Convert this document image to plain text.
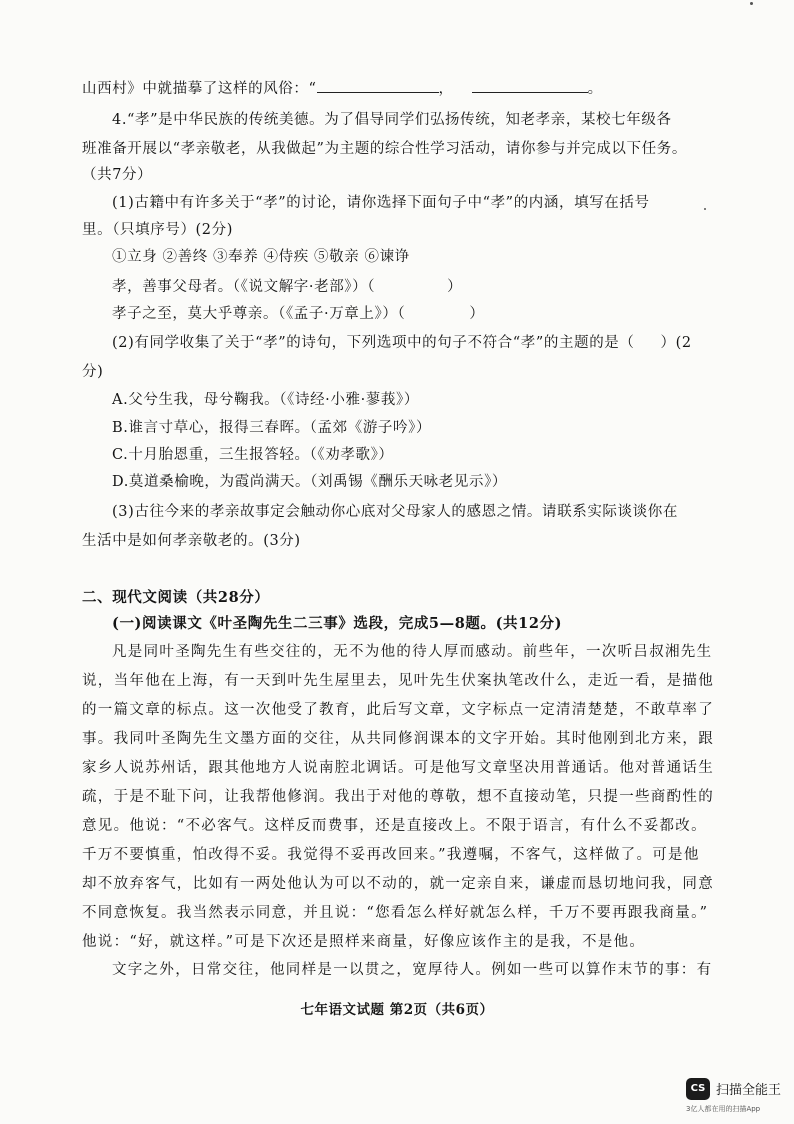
山西村》中就描摹了这样的风俗：“	，	。
4.“孝”是中华民族的传统美德。为了倡导同学们弘扬传统，知老孝亲，某校七年级各
班准备开展以“孝亲敬老，从我做起”为主题的综合性学习活动，请你参与并完成以下任务。
（共7分）
(1)古籍中有许多关于“孝”的讨论，请你选择下面句子中“孝”的内涵，填写在括号
里。（只填序号）(2分)
①立身 ②善终 ③奉养 ④侍疾 ⑤敬亲 ⑥谏诤
孝，善事父母者。（《说文解字·老部》）（	）
孝子之至，莫大乎尊亲。（《孟子·万章上》）（	）
(2)有同学收集了关于“孝”的诗句，下列选项中的句子不符合“孝”的主题的是（ ）(2
分)
A.父兮生我，母兮鞠我。（《诗经·小雅·蓼莪》）
B.谁言寸草心，报得三春晖。（孟郊《游子吟》）
C.十月胎恩重，三生报答轻。（《劝孝歌》）
D.莫道桑榆晚，为霞尚满天。（刘禹锡《酬乐天咏老见示》）
(3)古往今来的孝亲故事定会触动你心底对父母家人的感恩之情。请联系实际谈谈你在
生活中是如何孝亲敬老的。(3分)
二、现代文阅读（共28分）
(一)阅读课文《叶圣陶先生二三事》选段，完成5—8题。(共12分)
凡是同叶圣陶先生有些交往的，无不为他的待人厚而感动。前些年，一次听吕叔湘先生
说，当年他在上海，有一天到叶先生屋里去，见叶先生伏案执笔改什么，走近一看，是描他
的一篇文章的标点。这一次他受了教育，此后写文章，文字标点一定清清楚楚，不敢草率了
事。我同叶圣陶先生文墨方面的交往，从共同修润课本的文字开始。其时他刚到北方来，跟
家乡人说苏州话，跟其他地方人说南腔北调话。可是他写文章坚决用普通话。他对普通话生
疏，于是不耻下问，让我帮他修润。我出于对他的尊敬，想不直接动笔，只提一些商酌性的
意见。他说：“不必客气。这样反而费事，还是直接改上。不限于语言，有什么不妥都改。
千万不要慎重，怕改得不妥。我觉得不妥再改回来。”我遵嘱，不客气，这样做了。可是他
却不放弃客气，比如有一两处他认为可以不动的，就一定亲自来，谦虚而恳切地问我，同意
不同意恢复。我当然表示同意，并且说：“您看怎么样好就怎么样，千万不要再跟我商量。”
他说：“好，就这样。”可是下次还是照样来商量，好像应该作主的是我，不是他。
文字之外，日常交往，他同样是一以贯之，宽厚待人。例如一些可以算作末节的事：有
七年语文试题 第2页（共6页）
CS 扫描全能王
3亿人都在用的扫描App
